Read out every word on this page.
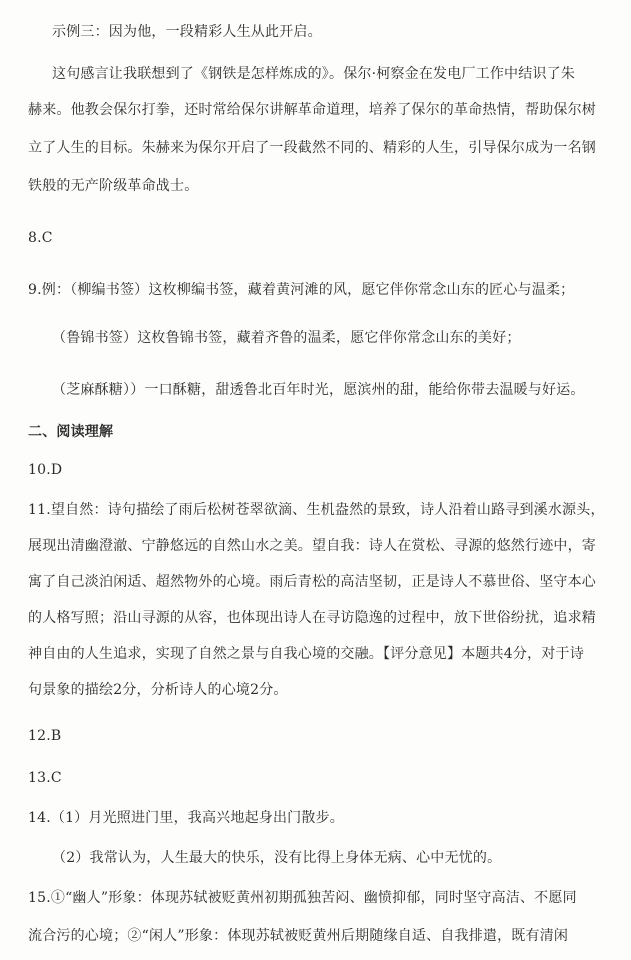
示例三：因为他，一段精彩人生从此开启。
这句感言让我联想到了《钢铁是怎样炼成的》。保尔·柯察金在发电厂工作中结识了朱
赫来。他教会保尔打拳，还时常给保尔讲解革命道理，培养了保尔的革命热情，帮助保尔树
立了人生的目标。朱赫来为保尔开启了一段截然不同的、精彩的人生，引导保尔成为一名钢
铁般的无产阶级革命战士。
8.C
9.例：（柳编书签）这枚柳编书签，藏着黄河滩的风，愿它伴你常念山东的匠心与温柔；
（鲁锦书签）这枚鲁锦书签，藏着齐鲁的温柔，愿它伴你常念山东的美好；
（芝麻酥糖））一口酥糖，甜透鲁北百年时光，愿滨州的甜，能给你带去温暖与好运。
二、阅读理解
10.D
11.望自然：诗句描绘了雨后松树苍翠欲滴、生机盎然的景致，诗人沿着山路寻到溪水源头，
展现出清幽澄澈、宁静悠远的自然山水之美。望自我：诗人在赏松、寻源的悠然行迹中，寄
寓了自己淡泊闲适、超然物外的心境。雨后青松的高洁坚韧，正是诗人不慕世俗、坚守本心
的人格写照；沿山寻源的从容，也体现出诗人在寻访隐逸的过程中，放下世俗纷扰，追求精
神自由的人生追求，实现了自然之景与自我心境的交融。【评分意见】本题共4分，对于诗
句景象的描绘2分，分析诗人的心境2分。
12.B
13.C
14.（1）月光照进门里，我高兴地起身出门散步。
（2）我常认为，人生最大的快乐，没有比得上身体无病、心中无忧的。
15.①“幽人”形象：体现苏轼被贬黄州初期孤独苦闷、幽愤抑郁，同时坚守高洁、不愿同
流合污的心境；②“闲人”形象：体现苏轼被贬黄州后期随缘自适、自我排遣，既有清闲
